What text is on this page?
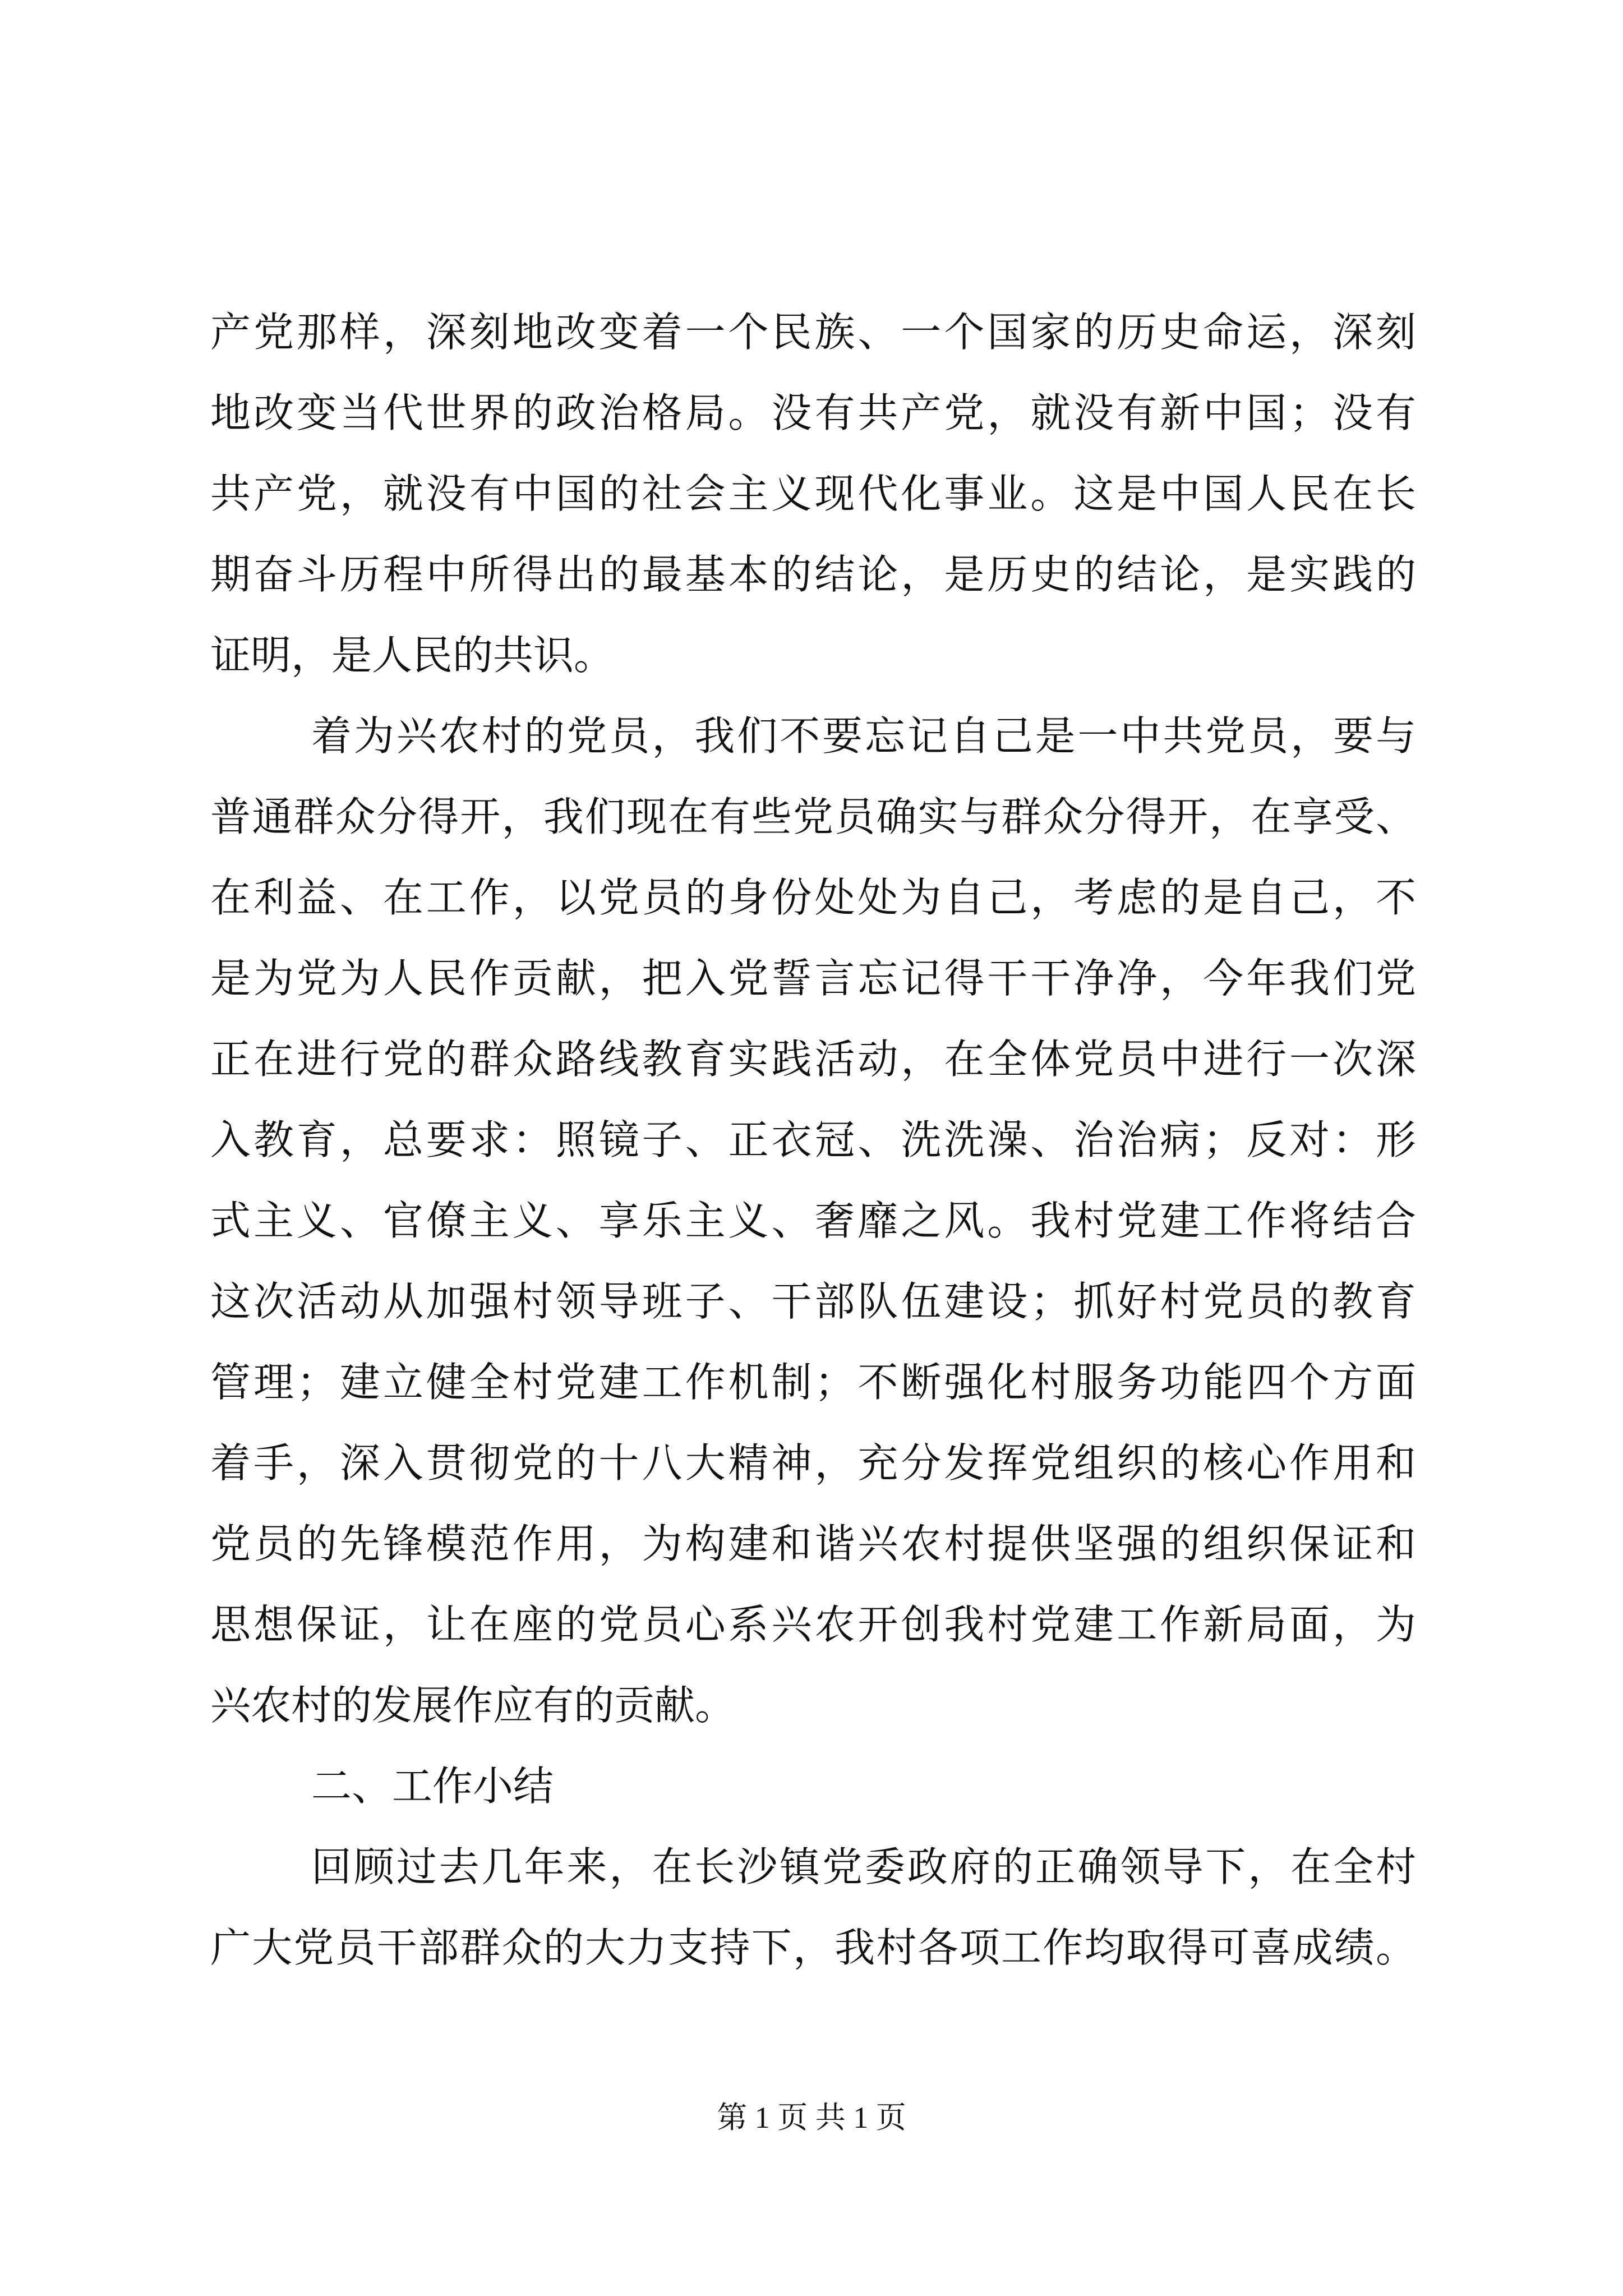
产党那样，深刻地改变着一个民族、一个国家的历史命运，深刻
地改变当代世界的政治格局。没有共产党，就没有新中国；没有
共产党，就没有中国的社会主义现代化事业。这是中国人民在长
期奋斗历程中所得出的最基本的结论，是历史的结论，是实践的
证明，是人民的共识。
着为兴农村的党员，我们不要忘记自己是一中共党员，要与
普通群众分得开，我们现在有些党员确实与群众分得开，在享受、
在利益、在工作，以党员的身份处处为自己，考虑的是自己，不
是为党为人民作贡献，把入党誓言忘记得干干净净，今年我们党
正在进行党的群众路线教育实践活动，在全体党员中进行一次深
入教育，总要求：照镜子、正衣冠、洗洗澡、治治病；反对：形
式主义、官僚主义、享乐主义、奢靡之风。我村党建工作将结合
这次活动从加强村领导班子、干部队伍建设；抓好村党员的教育
管理；建立健全村党建工作机制；不断强化村服务功能四个方面
着手，深入贯彻党的十八大精神，充分发挥党组织的核心作用和
党员的先锋模范作用，为构建和谐兴农村提供坚强的组织保证和
思想保证，让在座的党员心系兴农开创我村党建工作新局面，为
兴农村的发展作应有的贡献。
二、工作小结
回顾过去几年来，在长沙镇党委政府的正确领导下，在全村
广大党员干部群众的大力支持下，我村各项工作均取得可喜成绩。
第 1 页 共 1 页
